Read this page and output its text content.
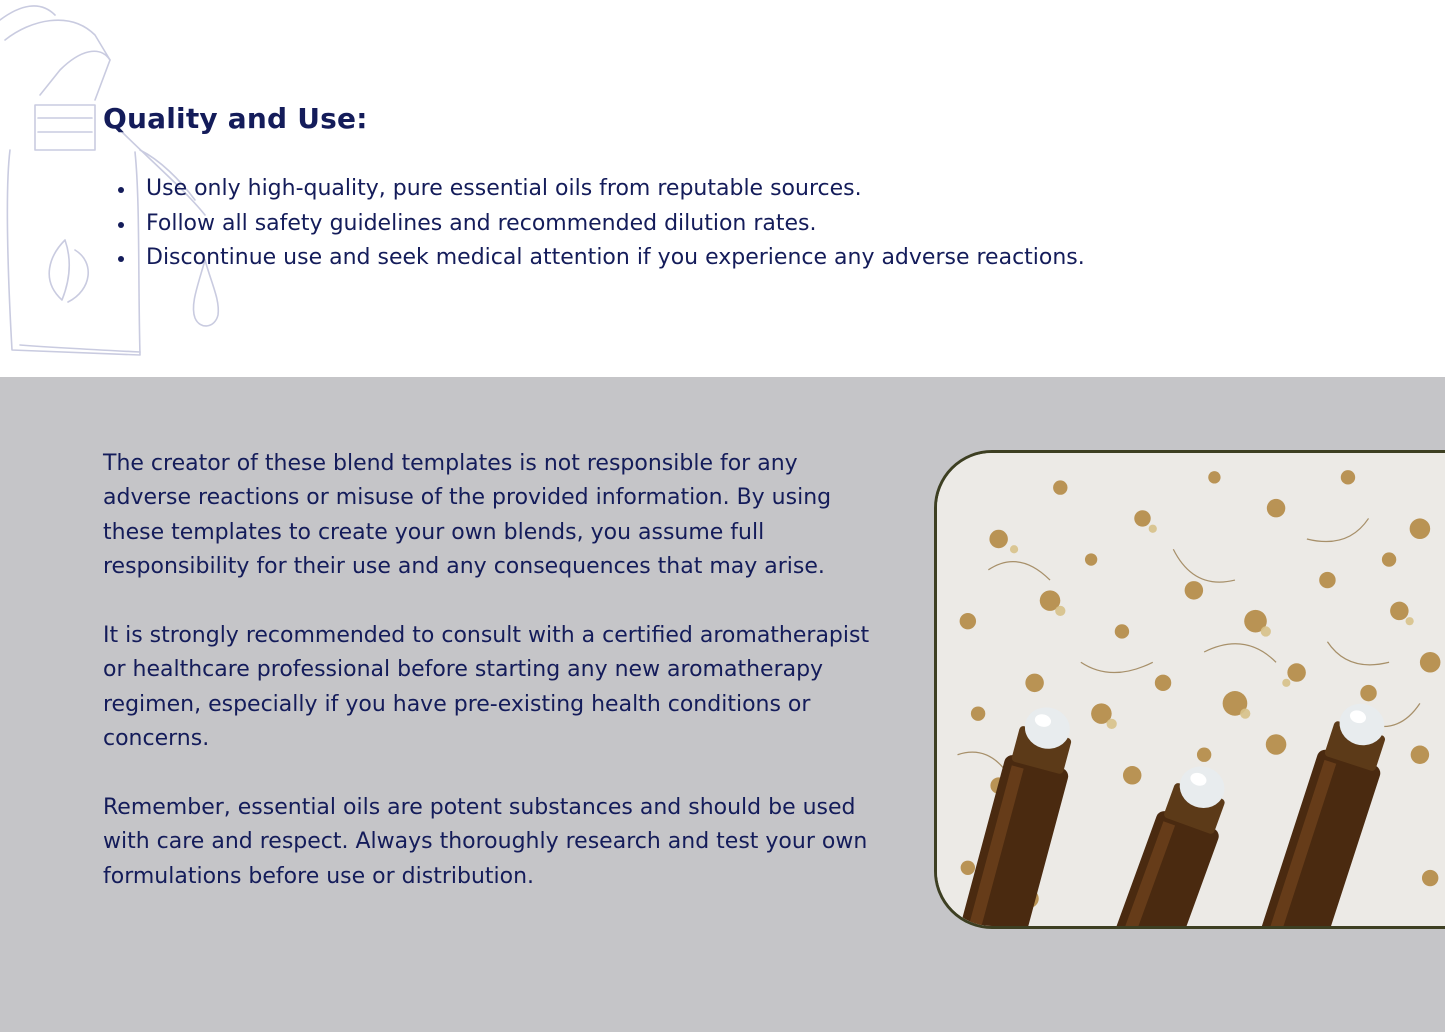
Quality and Use:
Use only high-quality, pure essential oils from reputable sources.
Follow all safety guidelines and recommended dilution rates.
Discontinue use and seek medical attention if you experience any adverse reactions.

The creator of these blend templates is not responsible for any adverse reactions or misuse of the provided information. By using these templates to create your own blends, you assume full responsibility for their use and any consequences that may arise.

It is strongly recommended to consult with a certified aromatherapist or healthcare professional before starting any new aromatherapy regimen, especially if you have pre-existing health conditions or concerns.

Remember, essential oils are potent substances and should be used with care and respect. Always thoroughly research and test your own formulations before use or distribution.
